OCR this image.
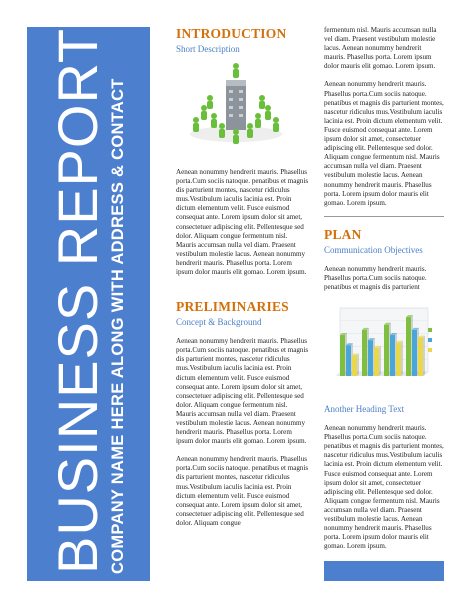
BUSINESS REPORT COMPANY NAME HERE ALONG WITH ADDRESS & CONTACT
INTRODUCTION
Short Description

Aenean nonummy hendrerit mauris. Phasellus porta.Cum sociis natoque. penatibus et magnis dis parturient montes, nascetur ridiculus mus.Vestibulum iaculis lacinia est. Proin dictum elementum velit. Fusce euismod consequat ante. Lorem ipsum dolor sit amet, consectetuer adipiscing elit. Pellentesque sed dolor. Aliquam congue fermentum nisl. Mauris accumsan nulla vel diam. Praesent vestibulum molestie lacus. Aenean nonummy hendrerit mauris. Phasellus porta. Lorem ipsum dolor mauris elit gomao. Lorem ipsum.

PRELIMINARIES
Concept & Background

Aenean nonummy hendrerit mauris. Phasellus porta.Cum sociis natoque. penatibus et magnis dis parturient montes, nascetur ridiculus mus.Vestibulum iaculis lacinia est. Proin dictum elementum velit. Fusce euismod consequat ante. Lorem ipsum dolor sit amet, consectetuer adipiscing elit. Pellentesque sed dolor. Aliquam congue fermentum nisl. Mauris accumsan nulla vel diam. Praesent vestibulum molestie lacus. Aenean nonummy hendrerit mauris. Phasellus porta. Lorem ipsum dolor mauris elit gomao. Lorem ipsum.

Aenean nonummy hendrerit mauris. Phasellus porta.Cum sociis natoque. penatibus et magnis dis parturient montes, nascetur ridiculus mus.Vestibulum iaculis lacinia est. Proin dictum elementum velit. Fusce euismod consequat ante. Lorem ipsum dolor sit amet, consectetuer adipiscing elit. Pellentesque sed dolor. Aliquam congue

fermentum nisl. Mauris accumsan nulla vel diam. Praesent vestibulum molestie lacus. Aenean nonummy hendrerit mauris. Phasellus porta. Lorem ipsum dolor mauris elit gomao. Lorem ipsum.

Aenean nonummy hendrerit mauris. Phasellus porta.Cum sociis natoque. penatibus et magnis dis parturient montes, nascetur ridiculus mus.Vestibulum iaculis lacinia est. Proin dictum elementum velit. Fusce euismod consequat ante. Lorem ipsum dolor sit amet, consectetuer adipiscing elit. Pellentesque sed dolor. Aliquam congue fermentum nisl. Mauris accumsan nulla vel diam. Praesent vestibulum molestie lacus. Aenean nonummy hendrerit mauris. Phasellus porta. Lorem ipsum dolor mauris elit gomao. Lorem ipsum.

PLAN
Communication Objectives

Aenean nonummy hendrerit mauris. Phasellus porta.Cum sociis natoque. penatibus et magnis dis parturient

Another Heading Text

Aenean nonummy hendrerit mauris. Phasellus porta.Cum sociis natoque. penatibus et magnis dis parturient montes, nascetur ridiculus mus.Vestibulum iaculis lacinia est. Proin dictum elementum velit. Fusce euismod consequat ante. Lorem ipsum dolor sit amet, consectetuer adipiscing elit. Pellentesque sed dolor. Aliquam congue fermentum nisl. Mauris accumsan nulla vel diam. Praesent vestibulum molestie lacus. Aenean nonummy hendrerit mauris. Phasellus porta. Lorem ipsum dolor mauris elit gomao. Lorem ipsum.
